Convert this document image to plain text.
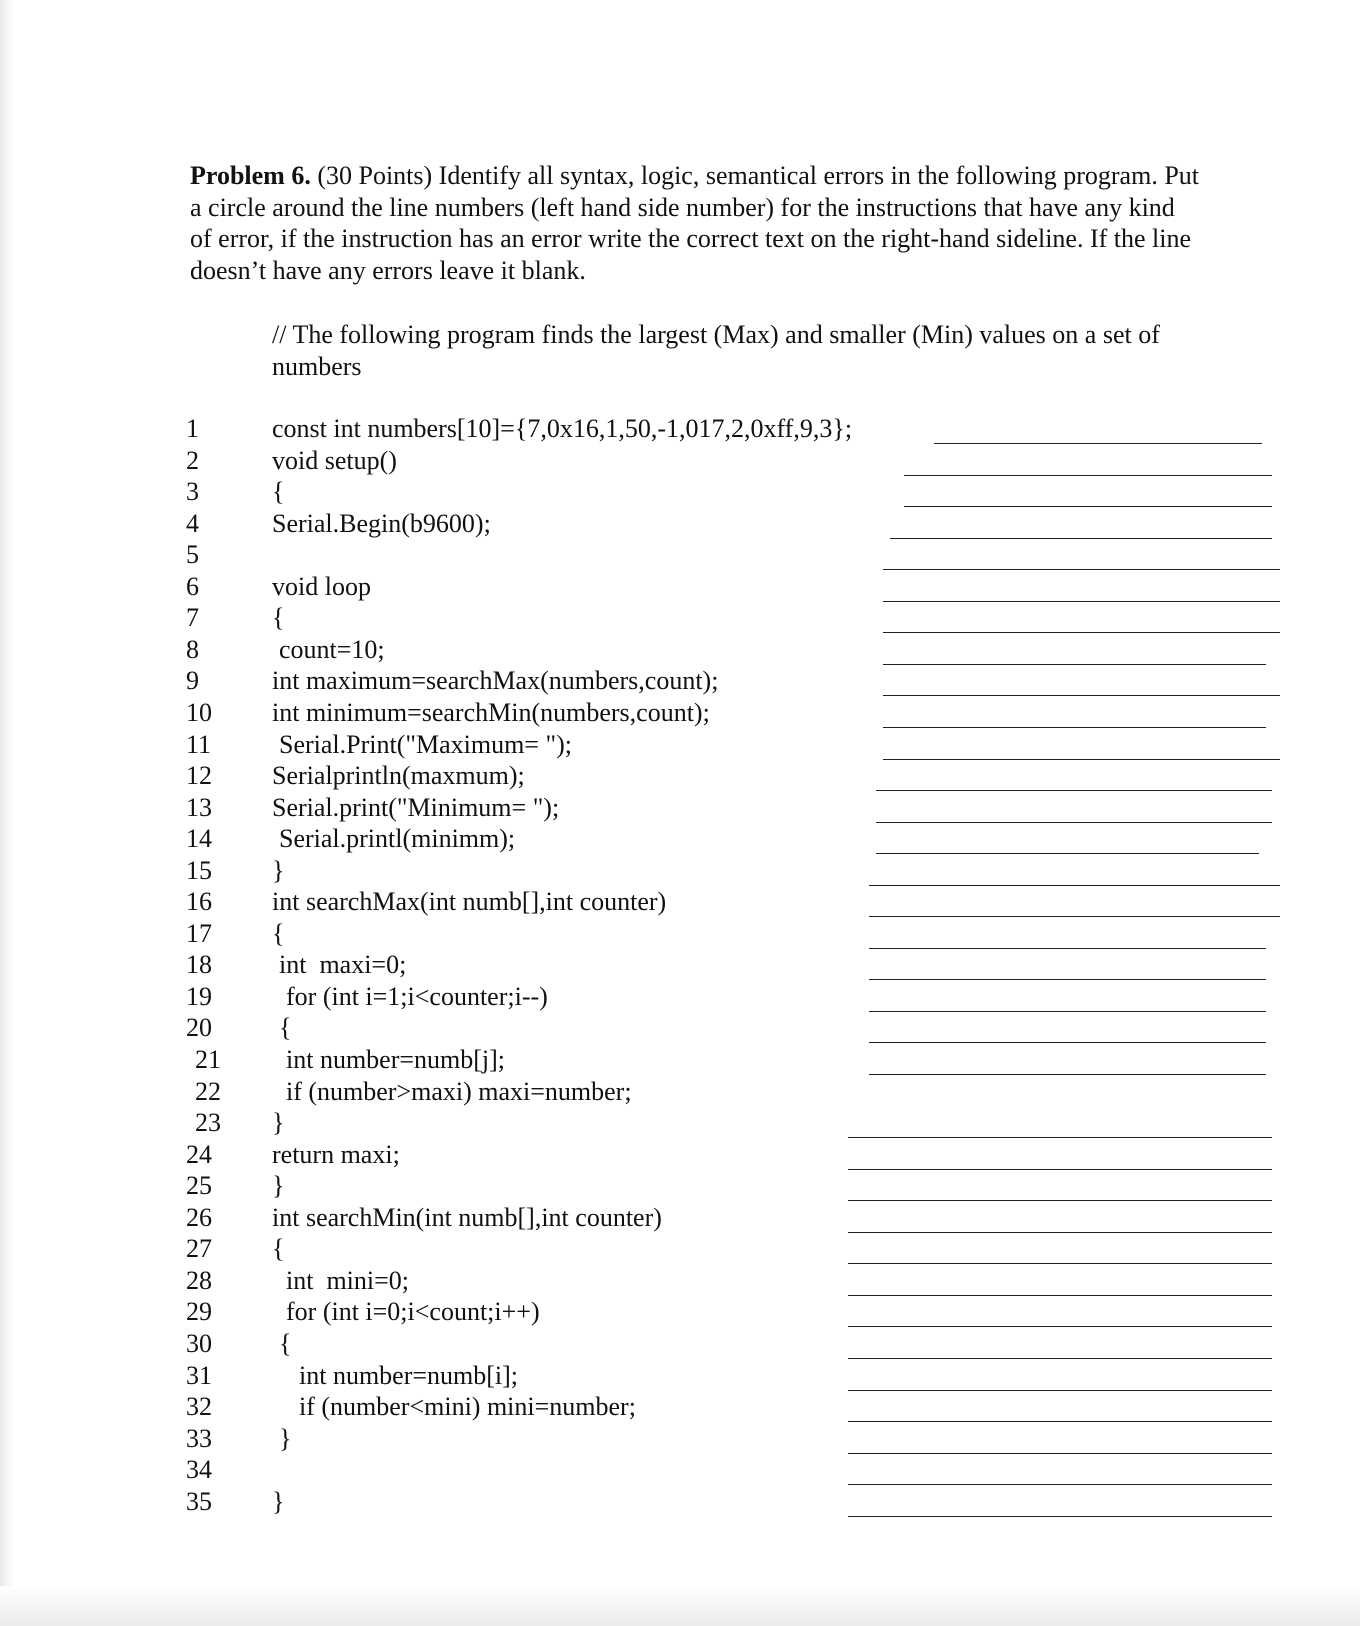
Problem 6. (30 Points) Identify all syntax, logic, semantical errors in the following program. Put a circle around the line numbers (left hand side number) for the instructions that have any kind of error, if the instruction has an error write the correct text on the right-hand sideline. If the line doesn’t have any errors leave it blank.

// The following program finds the largest (Max) and smaller (Min) values on a set of numbers

1	const int numbers[10]={7,0x16,1,50,-1,017,2,0xff,9,3};
2	void setup()
3	{
4	Serial.Begin(b9600);
5
6	void loop
7	{
8	count=10;
9	int maximum=searchMax(numbers,count);
10	int minimum=searchMin(numbers,count);
11	Serial.Print("Maximum= ");
12	Serialprintln(maxmum);
13	Serial.print("Minimum= ");
14	Serial.printl(minimm);
15	}
16	int searchMax(int numb[],int counter)
17	{
18	int  maxi=0;
19	for (int i=1;i<counter;i--)
20	{
21	int number=numb[j];
22	if (number>maxi) maxi=number;
23	}
24	return maxi;
25	}
26	int searchMin(int numb[],int counter)
27	{
28	int  mini=0;
29	for (int i=0;i<count;i++)
30	{
31	int number=numb[i];
32	if (number<mini) mini=number;
33	}
34
35	}
